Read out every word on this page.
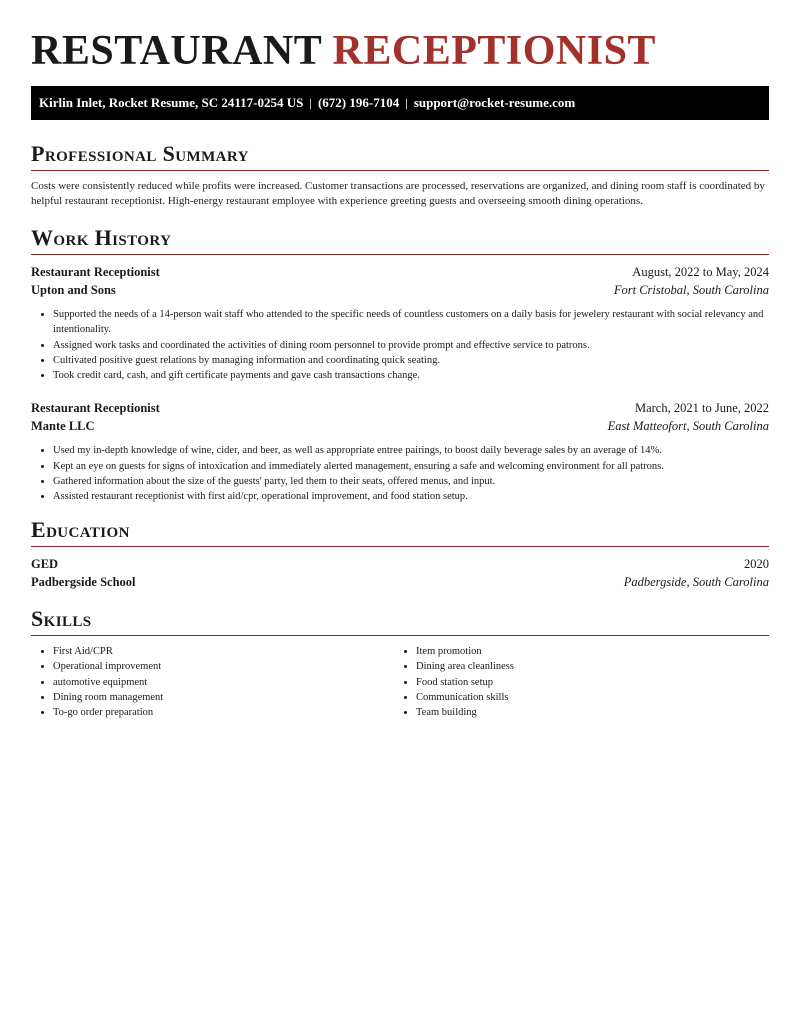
RESTAURANT RECEPTIONIST
Kirlin Inlet, Rocket Resume, SC 24117-0254 US | (672) 196-7104 | support@rocket-resume.com
Professional Summary
Costs were consistently reduced while profits were increased. Customer transactions are processed, reservations are organized, and dining room staff is coordinated by helpful restaurant receptionist. High-energy restaurant employee with experience greeting guests and overseeing smooth dining operations.
Work History
Restaurant Receptionist	August, 2022 to May, 2024
Upton and Sons	Fort Cristobal, South Carolina
• Supported the needs of a 14-person wait staff who attended to the specific needs of countless customers on a daily basis for jewelery restaurant with social relevancy and intentionality.
• Assigned work tasks and coordinated the activities of dining room personnel to provide prompt and effective service to patrons.
• Cultivated positive guest relations by managing information and coordinating quick seating.
• Took credit card, cash, and gift certificate payments and gave cash transactions change.
Restaurant Receptionist	March, 2021 to June, 2022
Mante LLC	East Matteofort, South Carolina
• Used my in-depth knowledge of wine, cider, and beer, as well as appropriate entree pairings, to boost daily beverage sales by an average of 14%.
• Kept an eye on guests for signs of intoxication and immediately alerted management, ensuring a safe and welcoming environment for all patrons.
• Gathered information about the size of the guests' party, led them to their seats, offered menus, and input.
• Assisted restaurant receptionist with first aid/cpr, operational improvement, and food station setup.
Education
GED	2020
Padbergside School	Padbergside, South Carolina
Skills
• First Aid/CPR
• Operational improvement
• automotive equipment
• Dining room management
• To-go order preparation
• Item promotion
• Dining area cleanliness
• Food station setup
• Communication skills
• Team building
